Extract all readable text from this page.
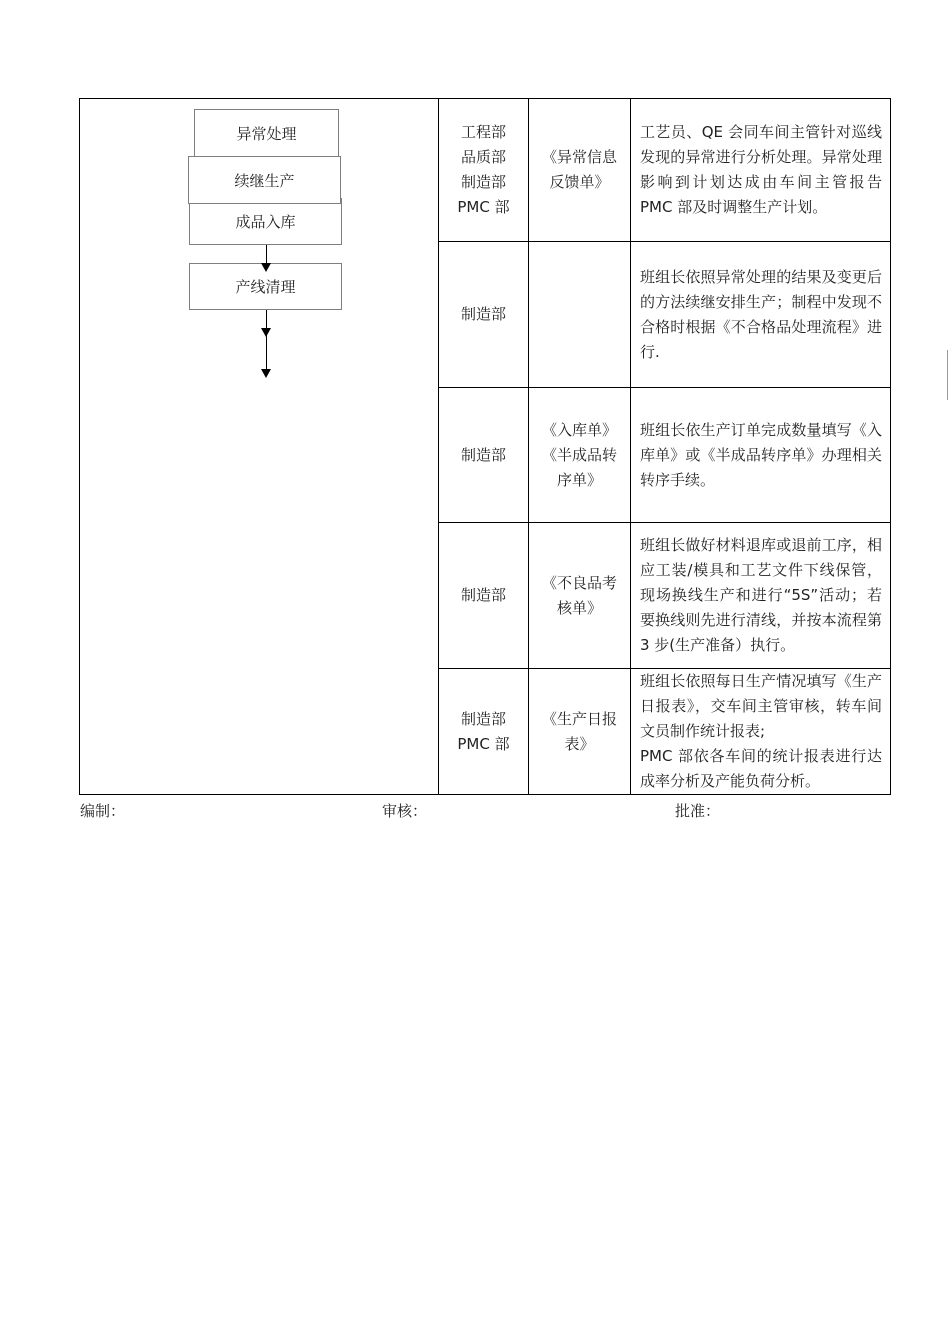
异常处理
成品入库
续继生产
产线清理
工程部
品质部
制造部
PMC 部
《异常信息
反馈单》

工艺员、QE 会同车间主管针对巡线发现的异常进行分析处理。异常处理影响到计划达成由车间主管报告 PMC 部及时调整生产计划。

制造部

班组长依照异常处理的结果及变更后的方法续继安排生产；制程中发现不合格时根据《不合格品处理流程》进行.

制造部
《入库单》
《半成品转
序单》

班组长依生产订单完成数量填写《入库单》或《半成品转序单》办理相关转序手续。

制造部
《不良品考
核单》

班组长做好材料退库或退前工序，相应工装/模具和工艺文件下线保管，现场换线生产和进行“5S”活动；若要换线则先进行清线，并按本流程第 3 步(生产准备）执行。

制造部
PMC 部
《生产日报
表》

班组长依照每日生产情况填写《生产日报表》，交车间主管审核，转车间文员制作统计报表;

PMC 部依各车间的统计报表进行达成率分析及产能负荷分析。

编制：	审核：	批准：
